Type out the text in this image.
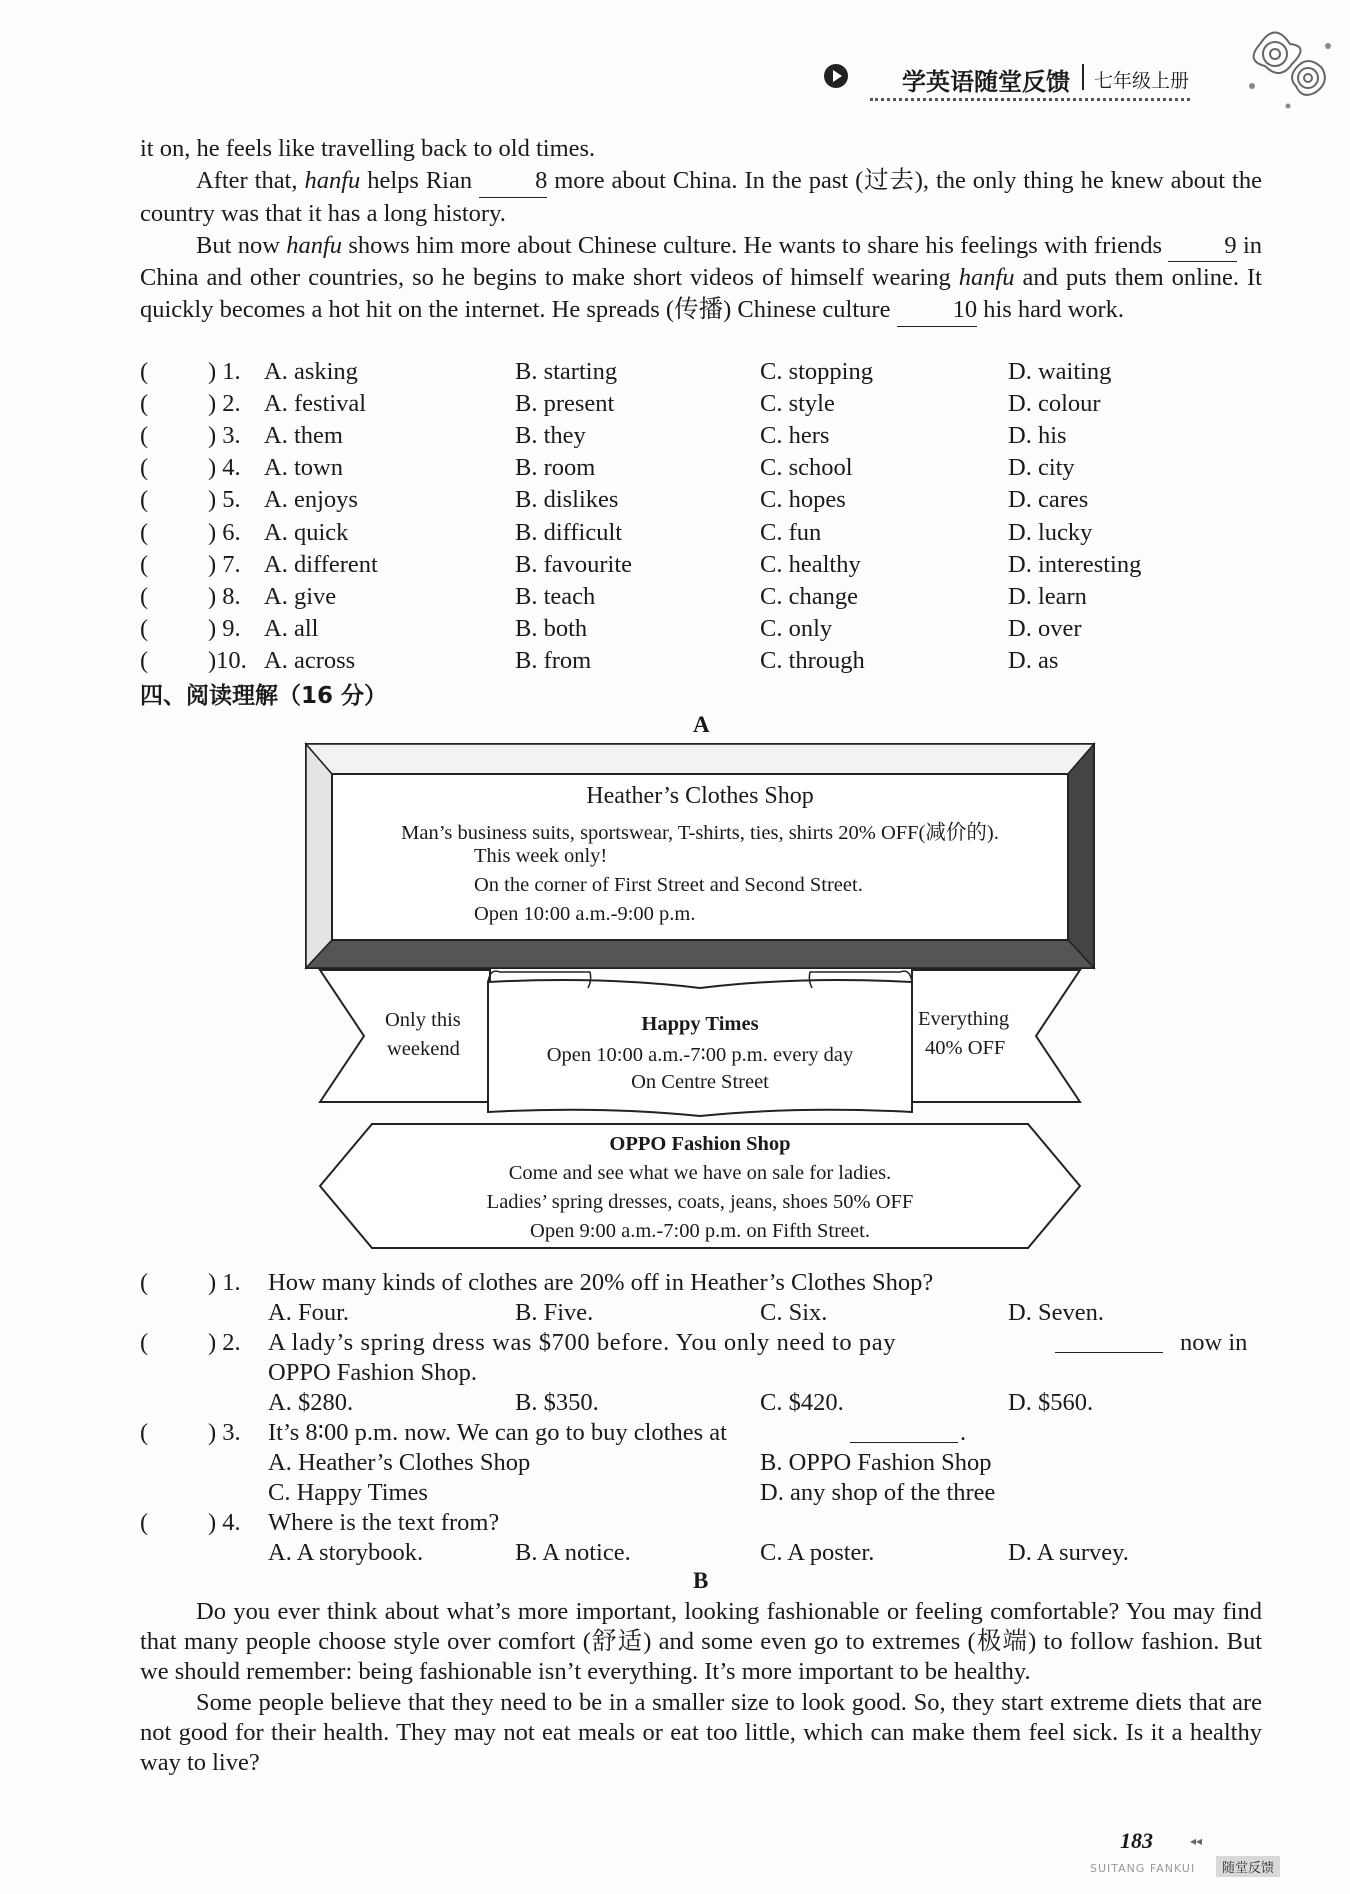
学英语随堂反馈 七年级上册
it on, he feels like travelling back to old times.

After that, hanfu helps Rian 8 more about China. In the past (过去), the only thing he knew about the country was that it has a long history.

But now hanfu shows him more about Chinese culture. He wants to share his feelings with friends 9 in China and other countries, so he begins to make short videos of himself wearing hanfu and puts them online. It quickly becomes a hot hit on the internet. He spreads (传播) Chinese culture 10 his hard work.

( ) 1. A. asking	B. starting	C. stopping	D. waiting
( ) 2. A. festival	B. present	C. style	D. colour
( ) 3. A. them	B. they	C. hers	D. his
( ) 4. A. town	B. room	C. school	D. city
( ) 5. A. enjoys	B. dislikes	C. hopes	D. cares
( ) 6. A. quick	B. difficult	C. fun	D. lucky
( ) 7. A. different	B. favourite	C. healthy	D. interesting
( ) 8. A. give	B. teach	C. change	D. learn
( ) 9. A. all	B. both	C. only	D. over
( )10. A. across	B. from	C. through	D. as
四、阅读理解（16 分）
A
Heather’s Clothes Shop
Man’s business suits, sportswear, T-shirts, ties, shirts 20% OFF(减价的).
This week only!
On the corner of First Street and Second Street.
Open 10:00 a.m.-9:00 p.m.
Only this
weekend
Happy Times
Open 10:00 a.m.-7∶00 p.m. every day
On Centre Street
Everything
40% OFF
OPPO Fashion Shop
Come and see what we have on sale for ladies.
Ladies’ spring dresses, coats, jeans, shoes 50% OFF
Open 9:00 a.m.-7:00 p.m. on Fifth Street.
( ) 1. How many kinds of clothes are 20% off in Heather’s Clothes Shop?
A. Four.	B. Five.	C. Six.	D. Seven.
( ) 2. A lady’s spring dress was $700 before. You only need to pay	now in
OPPO Fashion Shop.
A. $280.	B. $350.	C. $420.	D. $560.
( ) 3. It’s 8∶00 p.m. now. We can go to buy clothes at	.
A. Heather’s Clothes Shop	B. OPPO Fashion Shop
C. Happy Times	D. any shop of the three
( ) 4. Where is the text from?
A. A storybook.	B. A notice.	C. A poster.	D. A survey.
B

Do you ever think about what’s more important, looking fashionable or feeling comfortable? You may find that many people choose style over comfort (舒适) and some even go to extremes (极端) to follow fashion. But we should remember: being fashionable isn’t everything. It’s more important to be healthy.

Some people believe that they need to be in a smaller size to look good. So, they start extreme diets that are not good for their health. They may not eat meals or eat too little, which can make them feel sick. Is it a healthy way to live?

183	◂◂
SUITANG FANKUI	随堂反馈
